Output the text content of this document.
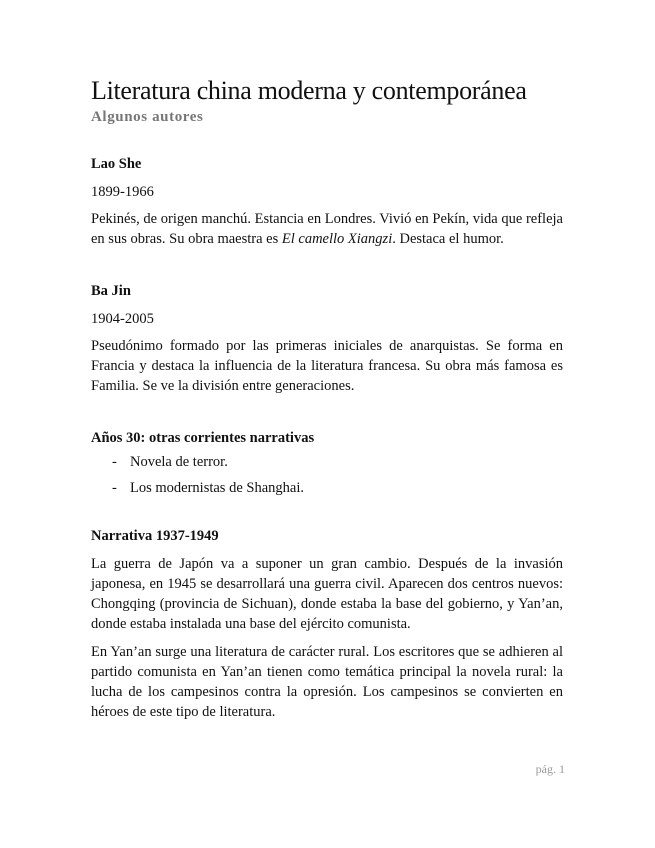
Literatura china moderna y contemporánea
Algunos autores
Lao She

1899-1966

Pekinés, de origen manchú. Estancia en Londres. Vivió en Pekín, vida que refleja en sus obras. Su obra maestra es El camello Xiangzi. Destaca el humor.

Ba Jin

1904-2005

Pseudónimo formado por las primeras iniciales de anarquistas. Se forma en Francia y destaca la influencia de la literatura francesa. Su obra más famosa es Familia. Se ve la división entre generaciones.

Años 30: otras corrientes narrativas
- Novela de terror.
- Los modernistas de Shanghai.
Narrativa 1937-1949

La guerra de Japón va a suponer un gran cambio. Después de la invasión japonesa, en 1945 se desarrollará una guerra civil. Aparecen dos centros nuevos: Chongqing (provincia de Sichuan), donde estaba la base del gobierno, y Yan’an, donde estaba instalada una base del ejército comunista.

En Yan’an surge una literatura de carácter rural. Los escritores que se adhieren al partido comunista en Yan’an tienen como temática principal la novela rural: la lucha de los campesinos contra la opresión. Los campesinos se convierten en héroes de este tipo de literatura.

pág. 1
